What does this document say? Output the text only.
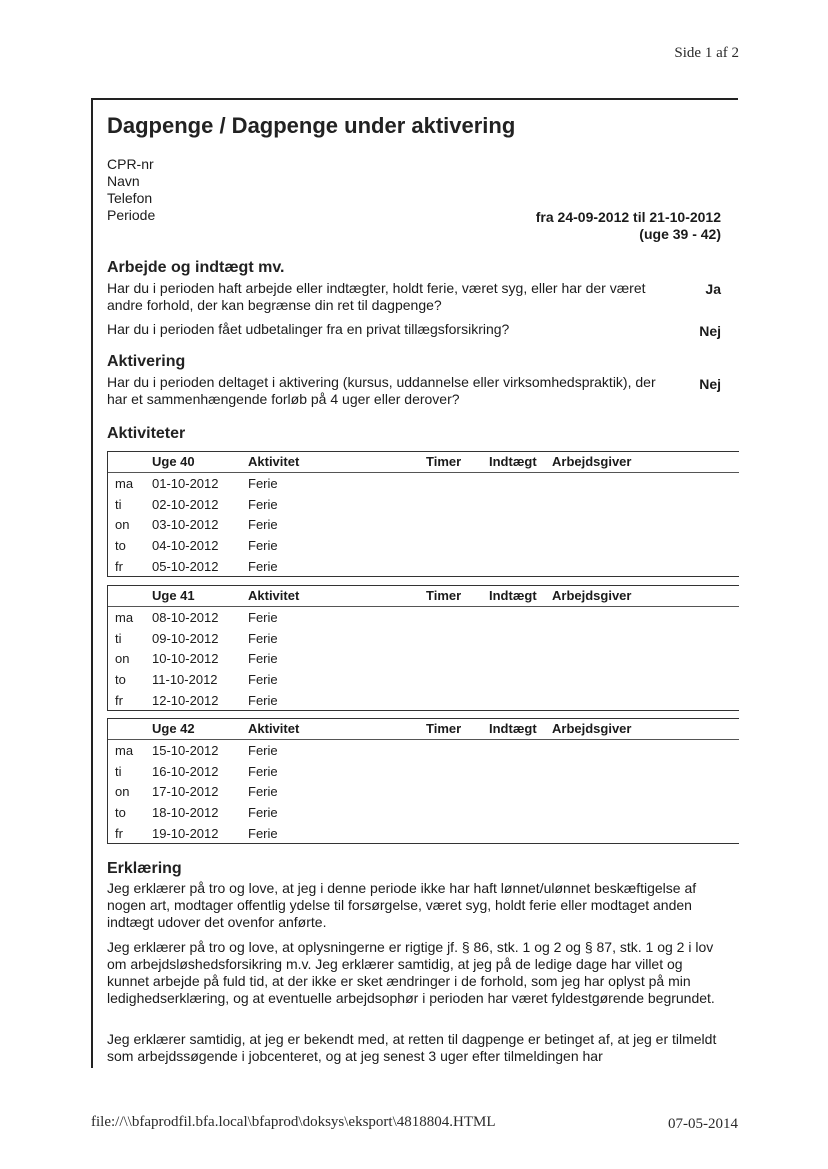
Side 1 af 2
Dagpenge / Dagpenge under aktivering
CPR-nr
Navn
Telefon
Periode	fra 24-09-2012 til 21-10-2012
(uge 39 - 42)
Arbejde og indtægt mv.
Har du i perioden haft arbejde eller indtægter, holdt ferie, været syg, eller har der været andre forhold, der kan begrænse din ret til dagpenge?
Ja
Har du i perioden fået udbetalinger fra en privat tillægsforsikring?	Nej
Aktivering
Har du i perioden deltaget i aktivering (kursus, uddannelse eller virksomhedspraktik), der har et sammenhængende forløb på 4 uger eller derover?
Nej
Aktiviteter
Uge 40	Aktivitet	Timer Indtægt Arbejdsgiver
ma 01-10-2012 Ferie
ti 02-10-2012 Ferie
on 03-10-2012 Ferie
to 04-10-2012 Ferie
fr 05-10-2012 Ferie
Uge 41	Aktivitet	Timer Indtægt Arbejdsgiver
ma 08-10-2012 Ferie
ti 09-10-2012 Ferie
on 10-10-2012 Ferie
to 11-10-2012 Ferie
fr 12-10-2012 Ferie
Uge 42	Aktivitet	Timer Indtægt Arbejdsgiver
ma 15-10-2012 Ferie
ti 16-10-2012 Ferie
on 17-10-2012 Ferie
to 18-10-2012 Ferie
fr 19-10-2012 Ferie
Erklæring

Jeg erklærer på tro og love, at jeg i denne periode ikke har haft lønnet/ulønnet beskæftigelse af nogen art, modtager offentlig ydelse til forsørgelse, været syg, holdt ferie eller modtaget anden indtægt udover det ovenfor anførte.

Jeg erklærer på tro og love, at oplysningerne er rigtige jf. § 86, stk. 1 og 2 og § 87, stk. 1 og 2 i lov om arbejdsløshedsforsikring m.v. Jeg erklærer samtidig, at jeg på de ledige dage har villet og kunnet arbejde på fuld tid, at der ikke er sket ændringer i de forhold, som jeg har oplyst på min ledighedserklæring, og at eventuelle arbejdsophør i perioden har været fyldestgørende begrundet.

Jeg erklærer samtidig, at jeg er bekendt med, at retten til dagpenge er betinget af, at jeg er tilmeldt som arbejdssøgende i jobcenteret, og at jeg senest 3 uger efter tilmeldingen har

file://\\bfaprodfil.bfa.local\bfaprod\doksys\eksport\4818804.HTML	07-05-2014
